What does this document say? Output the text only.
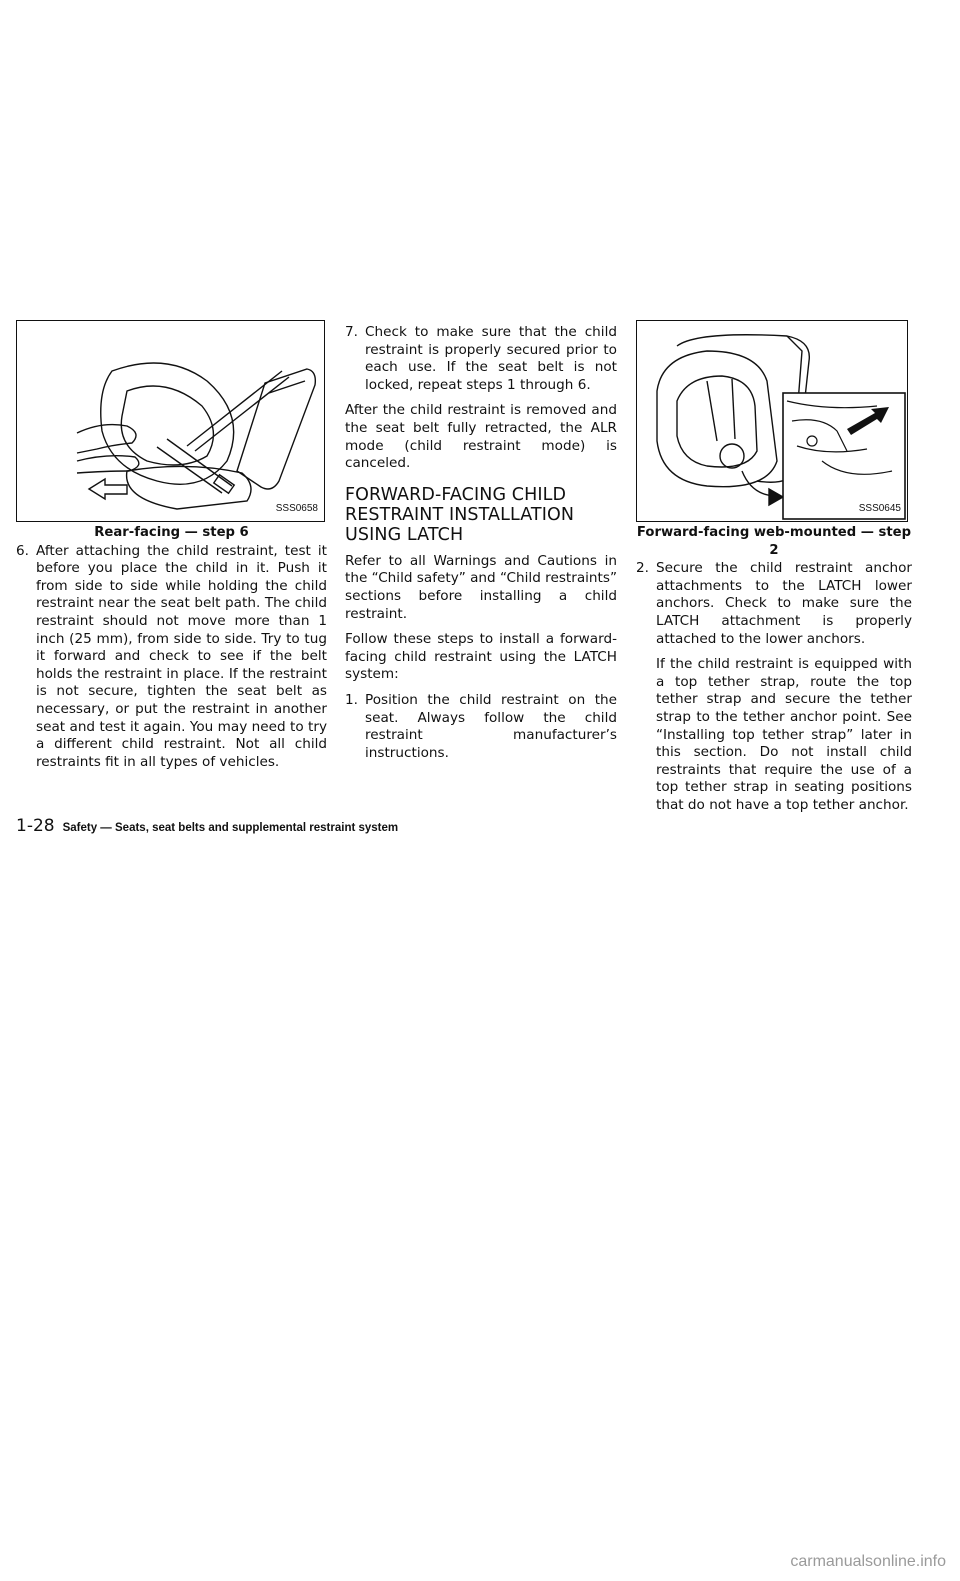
SSS0658
Rear-facing — step 6
6. After attaching the child restraint, test it before you place the child in it. Push it from side to side while holding the child restraint near the seat belt path. The child restraint should not move more than 1 inch (25 mm), from side to side. Try to tug it forward and check to see if the belt holds the restraint in place. If the restraint is not secure, tighten the seat belt as necessary, or put the restraint in another seat and test it again. You may need to try a different child restraint. Not all child restraints fit in all types of vehicles.
7. Check to make sure that the child restraint is properly secured prior to each use. If the seat belt is not locked, repeat steps 1 through 6.

After the child restraint is removed and the seat belt fully retracted, the ALR mode (child restraint mode) is canceled.

FORWARD-FACING CHILD RESTRAINT INSTALLATION USING LATCH

Refer to all Warnings and Cautions in the “Child safety” and “Child restraints” sections before installing a child restraint.

Follow these steps to install a forward-facing child restraint using the LATCH system:

1. Position the child restraint on the seat. Always follow the child restraint manufacturer’s instructions.
SSS0645
Forward-facing web-mounted — step 2
2. Secure the child restraint anchor attachments to the LATCH lower anchors. Check to make sure the LATCH attachment is properly attached to the lower anchors.

If the child restraint is equipped with a top tether strap, route the top tether strap and secure the tether strap to the tether anchor point. See “Installing top tether strap” later in this section. Do not install child restraints that require the use of a top tether strap in seating positions that do not have a top tether anchor.

1-28 Safety — Seats, seat belts and supplemental restraint system
carmanualsonline.info
